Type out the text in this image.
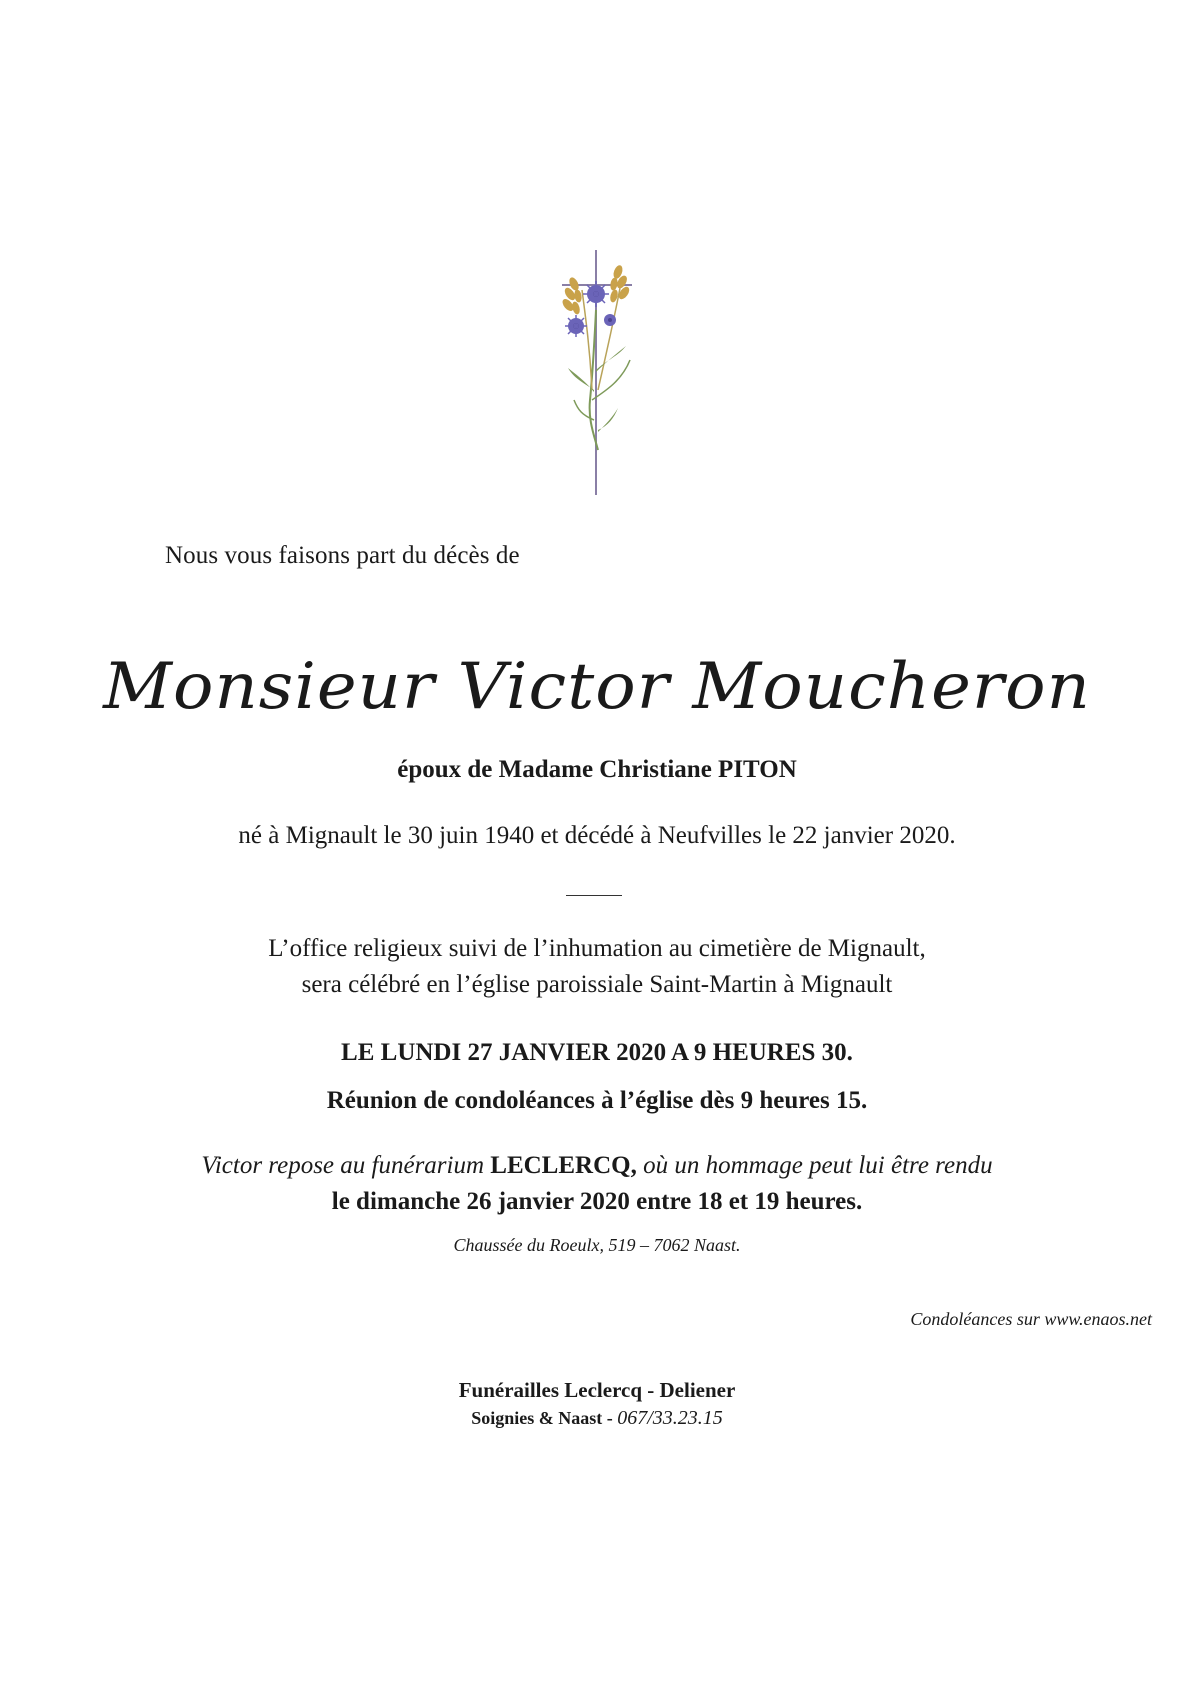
Nous vous faisons part du décès de
Monsieur Victor Moucheron
époux de Madame Christiane PITON
né à Mignault le 30 juin 1940 et décédé à Neufvilles le 22 janvier 2020.
L’office religieux suivi de l’inhumation au cimetière de Mignault,
sera célébré en l’église paroissiale Saint-Martin à Mignault
LE LUNDI 27 JANVIER 2020 A 9 HEURES 30.
Réunion de condoléances à l’église dès 9 heures 15.
Victor repose au funérarium LECLERCQ, où un hommage peut lui être rendu
le dimanche 26 janvier 2020 entre 18 et 19 heures.
Chaussée du Roeulx, 519 – 7062 Naast.
Condoléances sur www.enaos.net
Funérailles Leclercq - Deliener
Soignies & Naast - 067/33.23.15
